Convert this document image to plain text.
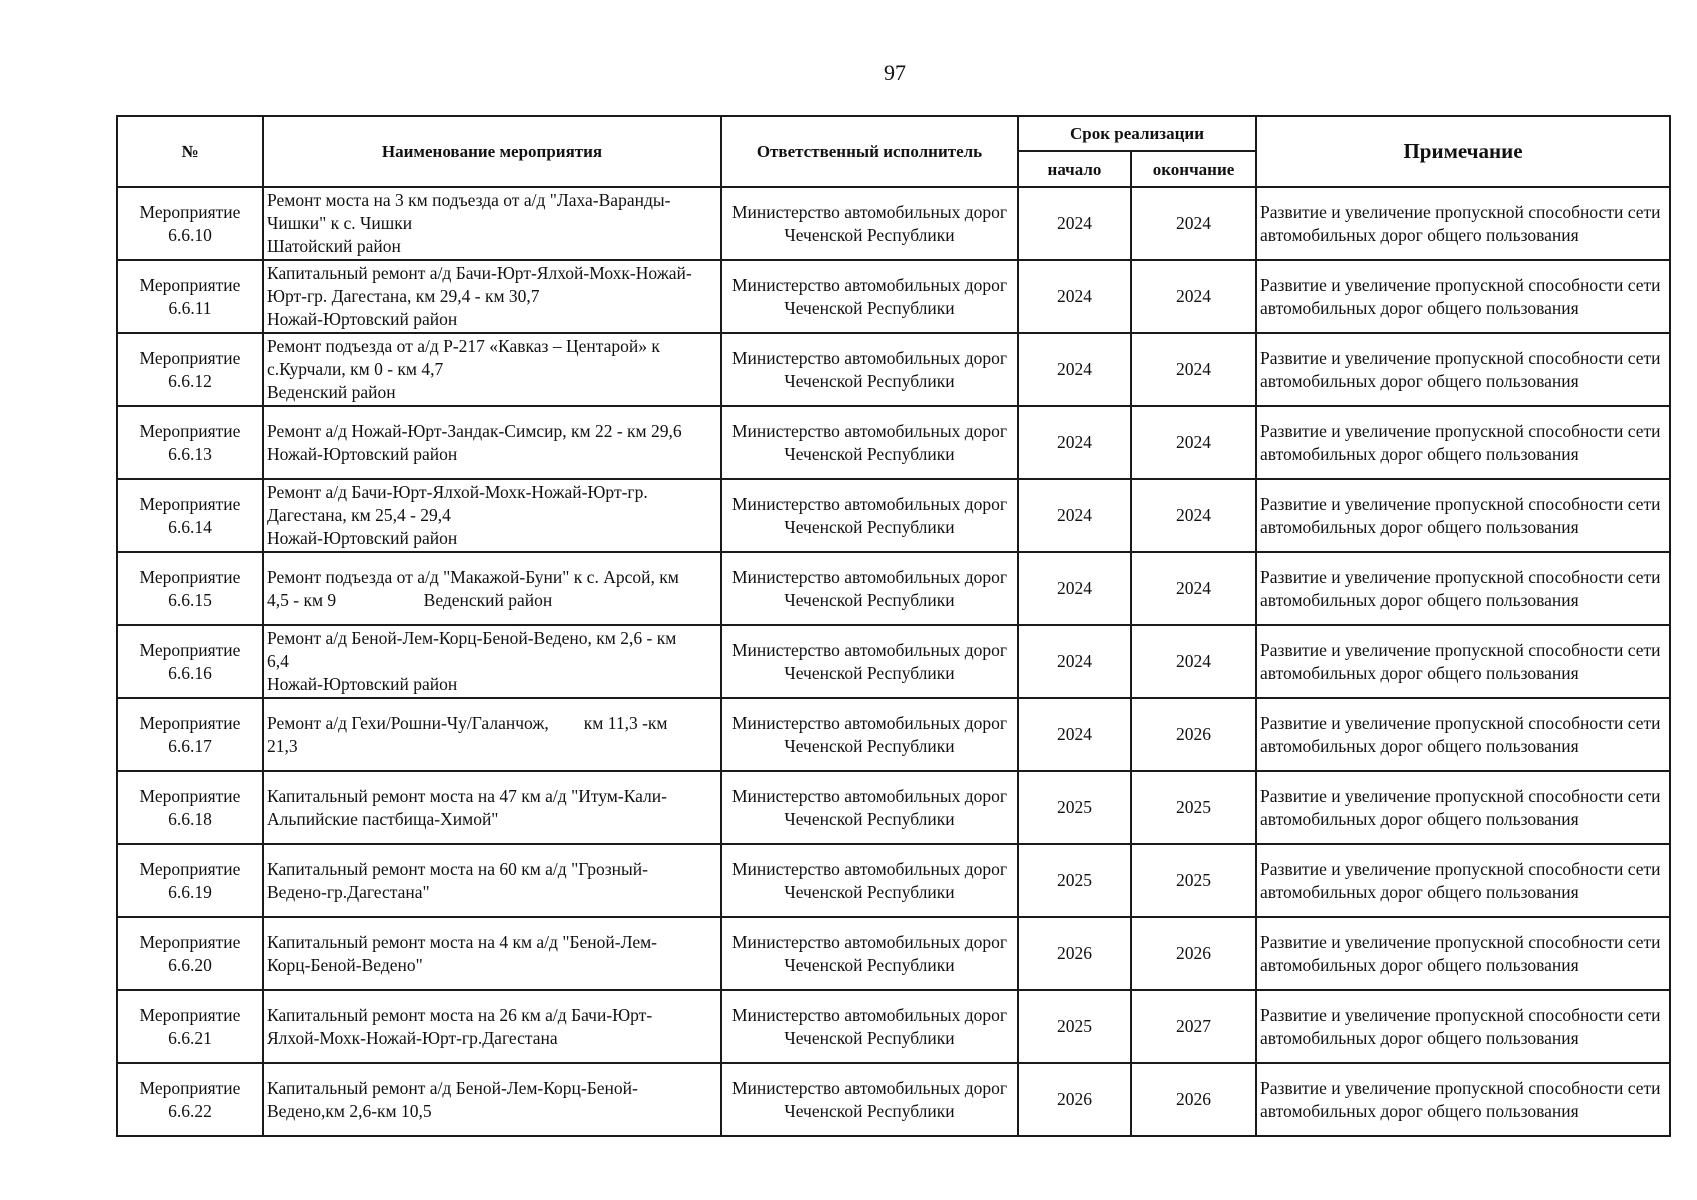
97
№	Наименование мероприятия	Ответственный исполнитель	Срок реализации		Примечание
			начало	окончание	
Мероприятие 6.6.10	Ремонт моста на 3 км подъезда от а/д "Лаха-Варанды-
Чишки" к с. Чишки
Шатойский район	Министерство автомобильных дорог Чеченской Республики	2024	2024	Развитие и увеличение пропускной способности сети автомобильных дорог общего пользования
Мероприятие 6.6.11	Капитальный ремонт а/д Бачи-Юрт-Ялхой-Мохк-Ножай-
Юрт-гр. Дагестана, км 29,4 - км 30,7
Ножай-Юртовский район	Министерство автомобильных дорог Чеченской Республики	2024	2024	Развитие и увеличение пропускной способности сети автомобильных дорог общего пользования
Мероприятие 6.6.12	Ремонт подъезда от а/д Р-217 «Кавказ – Центарой» к
с.Курчали, км 0 - км 4,7
Веденский район	Министерство автомобильных дорог Чеченской Республики	2024	2024	Развитие и увеличение пропускной способности сети автомобильных дорог общего пользования
Мероприятие 6.6.13	Ремонт а/д Ножай-Юрт-Зандак-Симсир, км 22 - км 29,6
Ножай-Юртовский район	Министерство автомобильных дорог Чеченской Республики	2024	2024	Развитие и увеличение пропускной способности сети автомобильных дорог общего пользования
Мероприятие 6.6.14	Ремонт а/д Бачи-Юрт-Ялхой-Мохк-Ножай-Юрт-гр.
Дагестана, км 25,4 - 29,4
Ножай-Юртовский район	Министерство автомобильных дорог Чеченской Республики	2024	2024	Развитие и увеличение пропускной способности сети автомобильных дорог общего пользования
Мероприятие 6.6.15	Ремонт подъезда от а/д "Макажой-Буни" к с. Арсой, км
4,5 - км 9                    Веденский район	Министерство автомобильных дорог Чеченской Республики	2024	2024	Развитие и увеличение пропускной способности сети автомобильных дорог общего пользования
Мероприятие 6.6.16	Ремонт а/д Беной-Лем-Корц-Беной-Ведено, км 2,6 - км
6,4
Ножай-Юртовский район	Министерство автомобильных дорог Чеченской Республики	2024	2024	Развитие и увеличение пропускной способности сети автомобильных дорог общего пользования
Мероприятие 6.6.17	Ремонт а/д Гехи/Рошни-Чу/Галанчож,        км 11,3 -км
21,3	Министерство автомобильных дорог Чеченской Республики	2024	2026	Развитие и увеличение пропускной способности сети автомобильных дорог общего пользования
Мероприятие 6.6.18	Капитальный ремонт моста на 47 км а/д "Итум-Кали-
Альпийские пастбища-Химой"	Министерство автомобильных дорог Чеченской Республики	2025	2025	Развитие и увеличение пропускной способности сети автомобильных дорог общего пользования
Мероприятие 6.6.19	Капитальный ремонт моста на 60 км а/д "Грозный-
Ведено-гр.Дагестана"	Министерство автомобильных дорог Чеченской Республики	2025	2025	Развитие и увеличение пропускной способности сети автомобильных дорог общего пользования
Мероприятие 6.6.20	Капитальный ремонт моста на 4 км а/д "Беной-Лем-
Корц-Беной-Ведено"	Министерство автомобильных дорог Чеченской Республики	2026	2026	Развитие и увеличение пропускной способности сети автомобильных дорог общего пользования
Мероприятие 6.6.21	Капитальный ремонт моста на 26 км а/д Бачи-Юрт-
Ялхой-Мохк-Ножай-Юрт-гр.Дагестана	Министерство автомобильных дорог Чеченской Республики	2025	2027	Развитие и увеличение пропускной способности сети автомобильных дорог общего пользования
Мероприятие 6.6.22	Капитальный ремонт а/д Беной-Лем-Корц-Беной-
Ведено,км 2,6-км 10,5	Министерство автомобильных дорог Чеченской Республики	2026	2026	Развитие и увеличение пропускной способности сети автомобильных дорог общего пользования
